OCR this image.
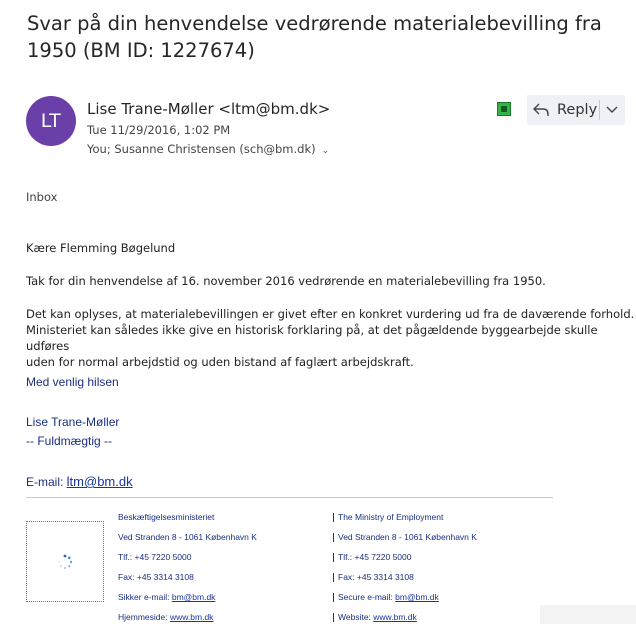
Svar på din henvendelse vedrørende materialebevilling fra 1950 (BM ID: 1227674)
LT
Lise Trane-Møller <ltm@bm.dk>
Tue 11/29/2016, 1:02 PM
You; Susanne Christensen (sch@bm.dk) ⌄
Reply
Inbox
Kære Flemming Bøgelund
Tak for din henvendelse af 16. november 2016 vedrørende en materialebevilling fra 1950.
Det kan oplyses, at materialebevillingen er givet efter en konkret vurdering ud fra de daværende forhold.
Ministeriet kan således ikke give en historisk forklaring på, at det pågældende byggearbejde skulle udføres
uden for normal arbejdstid og uden bistand af faglært arbejdskraft.
Med venlig hilsen
Lise Trane-Møller
-- Fuldmægtig --
E-mail: ltm@bm.dk
Beskæftigelsesministeriet
Ved Stranden 8 - 1061 København K
Tlf.: +45 7220 5000
Fax: +45 3314 3108
Sikker e-mail: bm@bm.dk
Hjemmeside: www.bm.dk
The Ministry of Employment
Ved Stranden 8 - 1061 København K
Tlf.: +45 7220 5000
Fax: +45 3314 3108
Secure e-mail: bm@bm.dk
Website: www.bm.dk
